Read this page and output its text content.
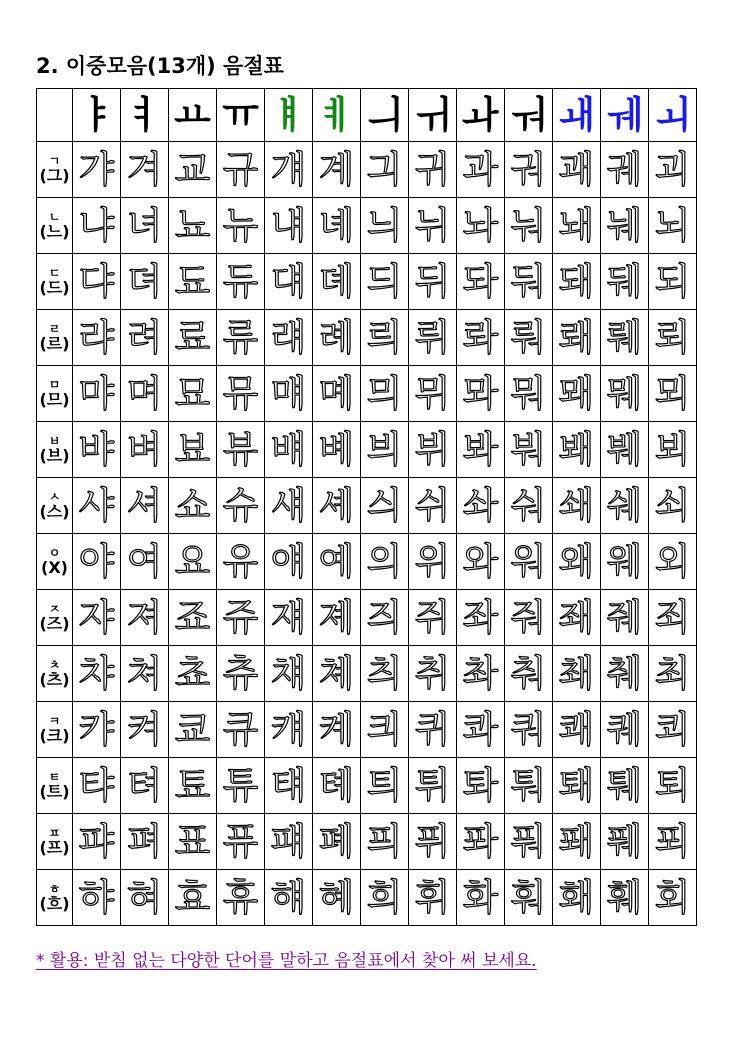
2. 이중모음(13개) 음절표
	ㅑ	ㅕ	ㅛ	ㅠ	ㅒ	ㅖ	ㅢ	ㅟ	ㅘ	ㅝ	ㅙ	ㅞ	ㅚ

ㄱ
(그)	갸	겨	교	규	걔	계	긔	귀	과	궈	괘	궤	괴

ㄴ
(느)	냐	녀	뇨	뉴	냬	녜	늬	뉘	놔	눠	놰	눼	뇌

ㄷ
(드)	댜	뎌	됴	듀	댸	뎨	듸	뒤	돠	둬	돼	뒈	되

ㄹ
(르)	랴	려	료	류	럐	례	릐	뤼	롸	뤄	뢔	뤠	뢰

ㅁ
(므)	먀	며	묘	뮤	먜	몌	믜	뮈	뫄	뭐	뫠	뭬	뫼

ㅂ
(브)	뱌	벼	뵤	뷰	뱨	볘	븨	뷔	봐	붜	봬	붸	뵈

ㅅ
(스)	샤	셔	쇼	슈	섀	셰	싀	쉬	솨	숴	쇄	쉐	쇠

ㅇ
(X)	야	여	요	유	얘	예	의	위	와	워	왜	웨	외

ㅈ
(즈)	쟈	져	죠	쥬	쟤	졔	즤	쥐	좌	줘	좨	줴	죄

ㅊ
(츠)	챠	쳐	쵸	츄	챼	쳬	츼	취	촤	춰	쵀	췌	최

ㅋ
(크)	캬	켜	쿄	큐	컈	켸	킈	퀴	콰	쿼	쾌	퀘	쾨

ㅌ
(트)	탸	텨	툐	튜	턔	톄	틔	튀	톼	퉈	퇘	퉤	퇴

ㅍ
(프)	퍄	펴	표	퓨	퍠	폐	픠	퓌	퐈	풔	퐤	풰	푀

ㅎ
(흐)	햐	혀	효	휴	햬	혜	희	휘	화	훠	홰	훼	회
* 활용: 받침 없는 다양한 단어를 말하고 음절표에서 찾아 써 보세요.
